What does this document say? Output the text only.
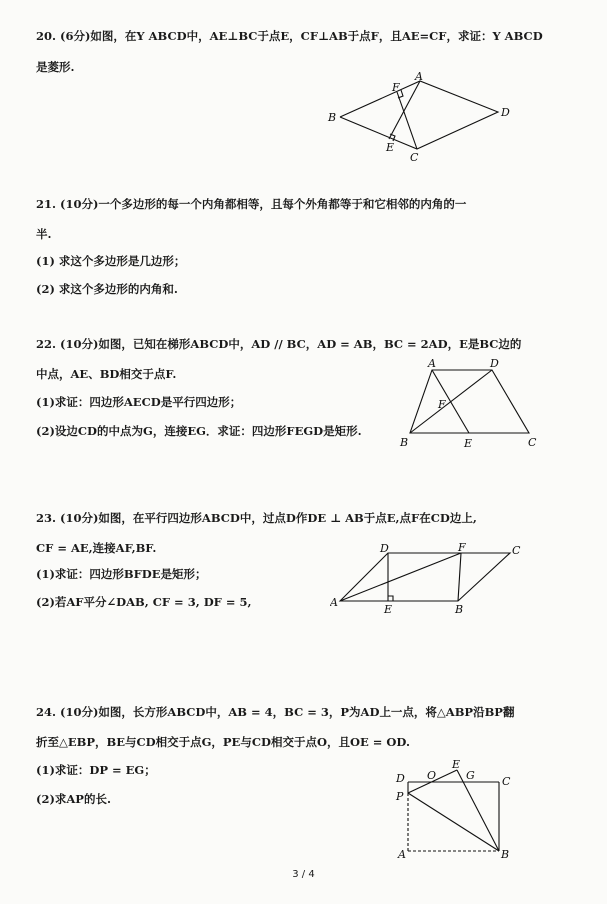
20. (6分)如图，在Y ABCD中，AE⊥BC于点E，CF⊥AB于点F，且AE=CF，求证：Y ABCD
是菱形.
A
B
C
D
E
F
21. (10分)一个多边形的每一个内角都相等，且每个外角都等于和它相邻的内角的一
半.
(1) 求这个多边形是几边形；
(2) 求这个多边形的内角和.
22. (10分)如图，已知在梯形ABCD中，AD // BC，AD = AB，BC = 2AD，E是BC边的
中点，AE、BD相交于点F.
(1)求证：四边形AECD是平行四边形；
(2)设边CD的中点为G，连接EG．求证：四边形FEGD是矩形.
A	D
B	E	C
F
23. (10分)如图，在平行四边形ABCD中，过点D作DE ⊥ AB于点E,点F在CD边上,
CF = AE,连接AF,BF.
(1)求证：四边形BFDE是矩形；
(2)若AF平分∠DAB, CF = 3, DF = 5,
D	F	C
A
E	B
24. (10分)如图，长方形ABCD中，AB = 4，BC = 3，P为AD上一点，将△ABP沿BP翻
折至△EBP，BE与CD相交于点G，PE与CD相交于点O，且OE = OD.
(1)求证：DP = EG；
(2)求AP的长.
D O
E
G C
P
A	B
3 / 4
